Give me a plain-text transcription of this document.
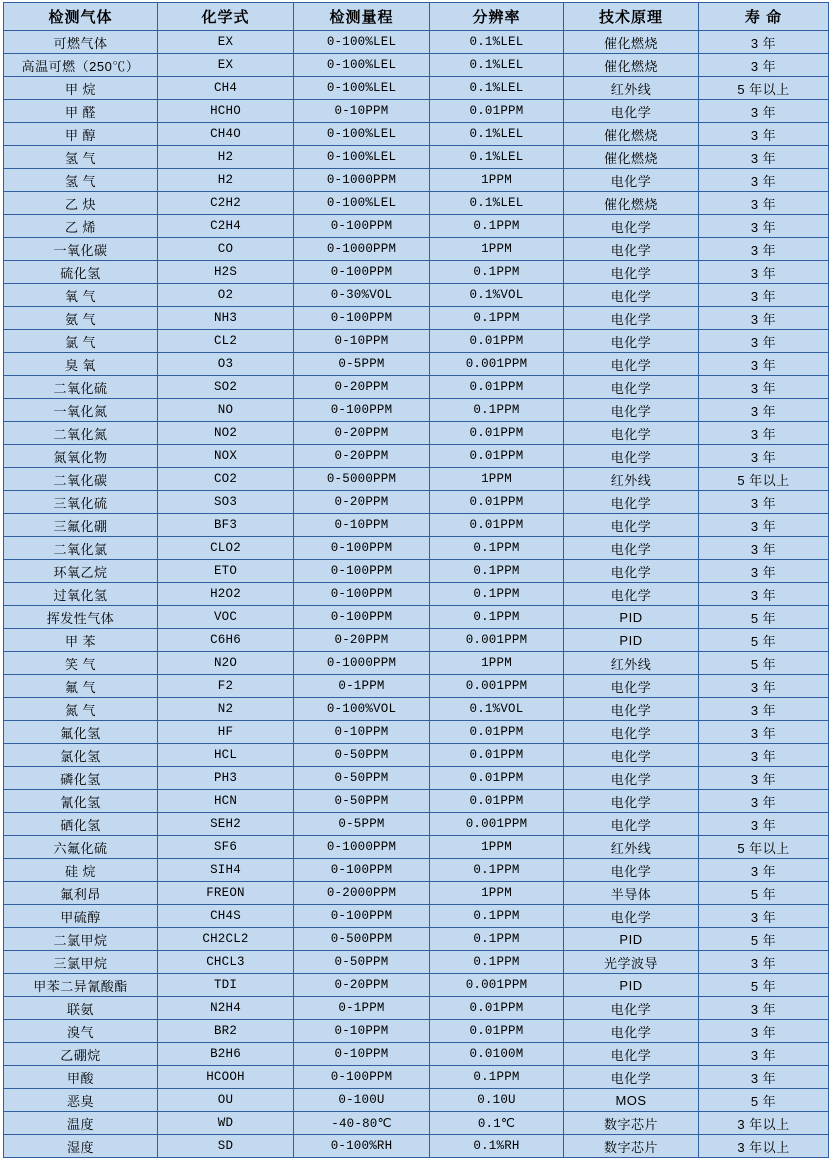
检测气体	化学式	检测量程	分辨率	技术原理	寿 命
可燃气体	EX	0-100%LEL	0.1%LEL	催化燃烧	3 年
高温可燃（250℃）	EX	0-100%LEL	0.1%LEL	催化燃烧	3 年
甲 烷	CH4	0-100%LEL	0.1%LEL	红外线	5 年以上
甲 醛	HCHO	0-10PPM	0.01PPM	电化学	3 年
甲 醇	CH4O	0-100%LEL	0.1%LEL	催化燃烧	3 年
氢 气	H2	0-100%LEL	0.1%LEL	催化燃烧	3 年
氢 气	H2	0-1000PPM	1PPM	电化学	3 年
乙 炔	C2H2	0-100%LEL	0.1%LEL	催化燃烧	3 年
乙 烯	C2H4	0-100PPM	0.1PPM	电化学	3 年
一氧化碳	CO	0-1000PPM	1PPM	电化学	3 年
硫化氢	H2S	0-100PPM	0.1PPM	电化学	3 年
氧 气	O2	0-30%VOL	0.1%VOL	电化学	3 年
氨 气	NH3	0-100PPM	0.1PPM	电化学	3 年
氯 气	CL2	0-10PPM	0.01PPM	电化学	3 年
臭 氧	O3	0-5PPM	0.001PPM	电化学	3 年
二氧化硫	SO2	0-20PPM	0.01PPM	电化学	3 年
一氧化氮	NO	0-100PPM	0.1PPM	电化学	3 年
二氧化氮	NO2	0-20PPM	0.01PPM	电化学	3 年
氮氧化物	NOX	0-20PPM	0.01PPM	电化学	3 年
二氧化碳	CO2	0-5000PPM	1PPM	红外线	5 年以上
三氧化硫	SO3	0-20PPM	0.01PPM	电化学	3 年
三氟化硼	BF3	0-10PPM	0.01PPM	电化学	3 年
二氧化氯	CLO2	0-100PPM	0.1PPM	电化学	3 年
环氧乙烷	ETO	0-100PPM	0.1PPM	电化学	3 年
过氧化氢	H2O2	0-100PPM	0.1PPM	电化学	3 年
挥发性气体	VOC	0-100PPM	0.1PPM	PID	5 年
甲 苯	C6H6	0-20PPM	0.001PPM	PID	5 年
笑 气	N2O	0-1000PPM	1PPM	红外线	5 年
氟 气	F2	0-1PPM	0.001PPM	电化学	3 年
氮 气	N2	0-100%VOL	0.1%VOL	电化学	3 年
氟化氢	HF	0-10PPM	0.01PPM	电化学	3 年
氯化氢	HCL	0-50PPM	0.01PPM	电化学	3 年
磷化氢	PH3	0-50PPM	0.01PPM	电化学	3 年
氰化氢	HCN	0-50PPM	0.01PPM	电化学	3 年
硒化氢	SEH2	0-5PPM	0.001PPM	电化学	3 年
六氟化硫	SF6	0-1000PPM	1PPM	红外线	5 年以上
硅 烷	SIH4	0-100PPM	0.1PPM	电化学	3 年
氟利昂	FREON	0-2000PPM	1PPM	半导体	5 年
甲硫醇	CH4S	0-100PPM	0.1PPM	电化学	3 年
二氯甲烷	CH2CL2	0-500PPM	0.1PPM	PID	5 年
三氯甲烷	CHCL3	0-50PPM	0.1PPM	光学波导	3 年
甲苯二异氰酸酯	TDI	0-20PPM	0.001PPM	PID	5 年
联氨	N2H4	0-1PPM	0.01PPM	电化学	3 年
溴气	BR2	0-10PPM	0.01PPM	电化学	3 年
乙硼烷	B2H6	0-10PPM	0.0100M	电化学	3 年
甲酸	HCOOH	0-100PPM	0.1PPM	电化学	3 年
恶臭	OU	0-100U	0.10U	MOS	5 年
温度	WD	-40-80℃	0.1℃	数字芯片	3 年以上
湿度	SD	0-100%RH	0.1%RH	数字芯片	3 年以上
